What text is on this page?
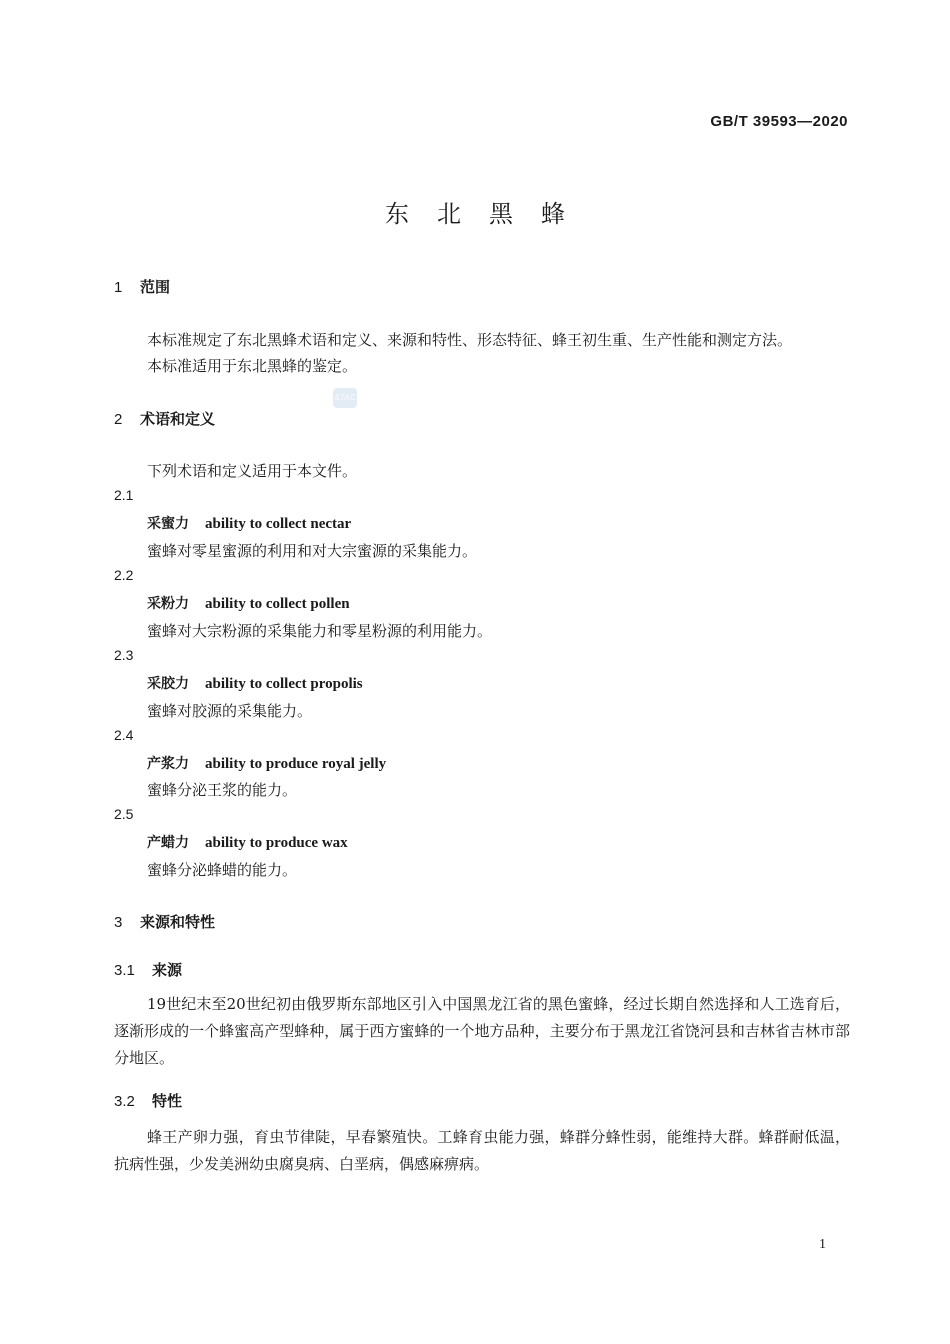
GB/T 39593—2020
东北黑蜂
1 范围
本标准规定了东北黑蜂术语和定义、来源和特性、形态特征、蜂王初生重、生产性能和测定方法。
本标准适用于东北黑蜂的鉴定。
STAC
2 术语和定义
下列术语和定义适用于本文件。
2.1
采蜜力 ability to collect nectar
蜜蜂对零星蜜源的利用和对大宗蜜源的采集能力。
2.2
采粉力 ability to collect pollen
蜜蜂对大宗粉源的采集能力和零星粉源的利用能力。
2.3
采胶力 ability to collect propolis
蜜蜂对胶源的采集能力。
2.4
产浆力 ability to produce royal jelly
蜜蜂分泌王浆的能力。
2.5
产蜡力 ability to produce wax
蜜蜂分泌蜂蜡的能力。
3 来源和特性
3.1 来源
19世纪末至20世纪初由俄罗斯东部地区引入中国黑龙江省的黑色蜜蜂，经过长期自然选择和人工选育后，逐渐形成的一个蜂蜜高产型蜂种，属于西方蜜蜂的一个地方品种，主要分布于黑龙江省饶河县和吉林省吉林市部分地区。
3.2 特性
蜂王产卵力强，育虫节律陡，早春繁殖快。工蜂育虫能力强，蜂群分蜂性弱，能维持大群。蜂群耐低温，抗病性强，少发美洲幼虫腐臭病、白垩病，偶感麻痹病。
1
